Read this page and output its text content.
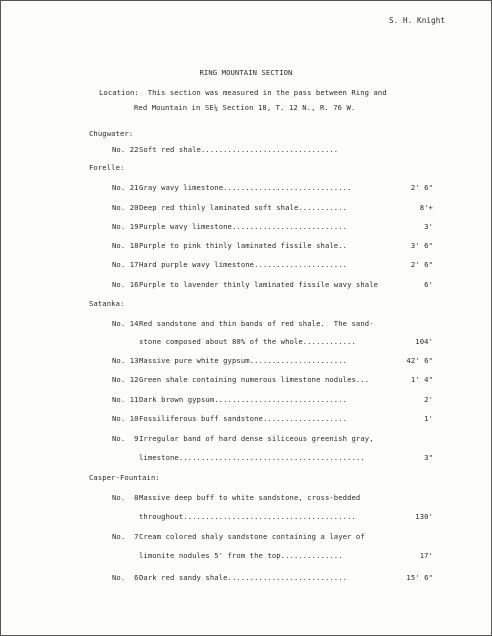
S. H. Knight
RING MOUNTAIN SECTION
Location:  This section was measured in the pass between Ring and
Red Mountain in SE¼ Section 18, T. 12 N., R. 76 W.
Chugwater:
No. 22 Soft red shale...............................
Forelle:
No. 21 Gray wavy limestone.............................	2' 6"
No. 20 Deep red thinly laminated soft shale...........	8'+
No. 19 Purple wavy limestone..........................	3'
No. 18 Purple to pink thinly laminated fissile shale..	3' 6"
No. 17 Hard purple wavy limestone.....................	2' 6"
No. 16 Purple to lavender thinly laminated fissile wavy shale	6'
Satanka:
No. 14 Red sandstone and thin bands of red shale.  The sand-
stone composed about 80% of the whole............	104'
No. 13 Massive pure white gypsum......................	42' 6"
No. 12 Green shale containing numerous limestone nodules...	1' 4"
No. 11 Dark brown gypsum..............................	2'
No. 10 Fossiliferous buff sandstone...................	1'
No.  9 Irregular band of hard dense siliceous greenish gray,
limestone..........................................	3"
Casper-Fountain:
No.  8 Massive deep buff to white sandstone, cross-bedded
throughout.......................................	130'
No.  7 Cream colored shaly sandstone containing a layer of
limonite nodules 5' from the top..............	17'
No.  6 Dark red sandy shale...........................	15' 6"
